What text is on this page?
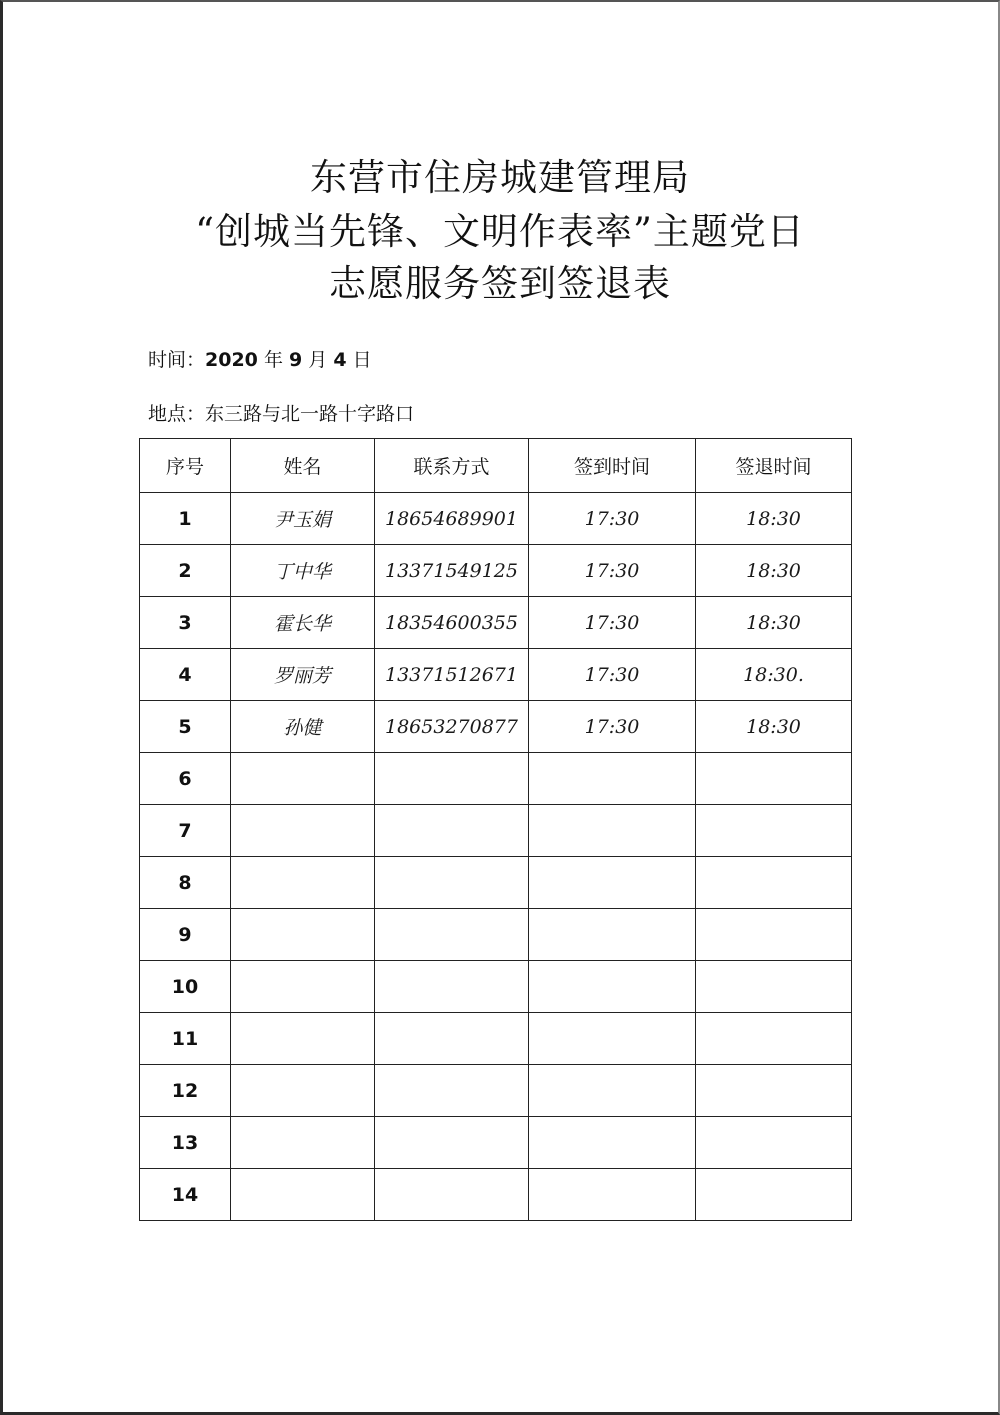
东营市住房城建管理局
“创城当先锋、文明作表率”主题党日
志愿服务签到签退表
时间：2020 年 9 月 4 日
地点：东三路与北一路十字路口
序号	姓名	联系方式	签到时间	签退时间
1	尹玉娟	18654689901	17:30	18:30
2	丁中华	13371549125	17:30	18:30
3	霍长华	18354600355	17:30	18:30
4	罗丽芳	13371512671	17:30	18:30.
5	孙健	18653270877	17:30	18:30
6				
7				
8				
9				
10				
11				
12				
13				
14				
